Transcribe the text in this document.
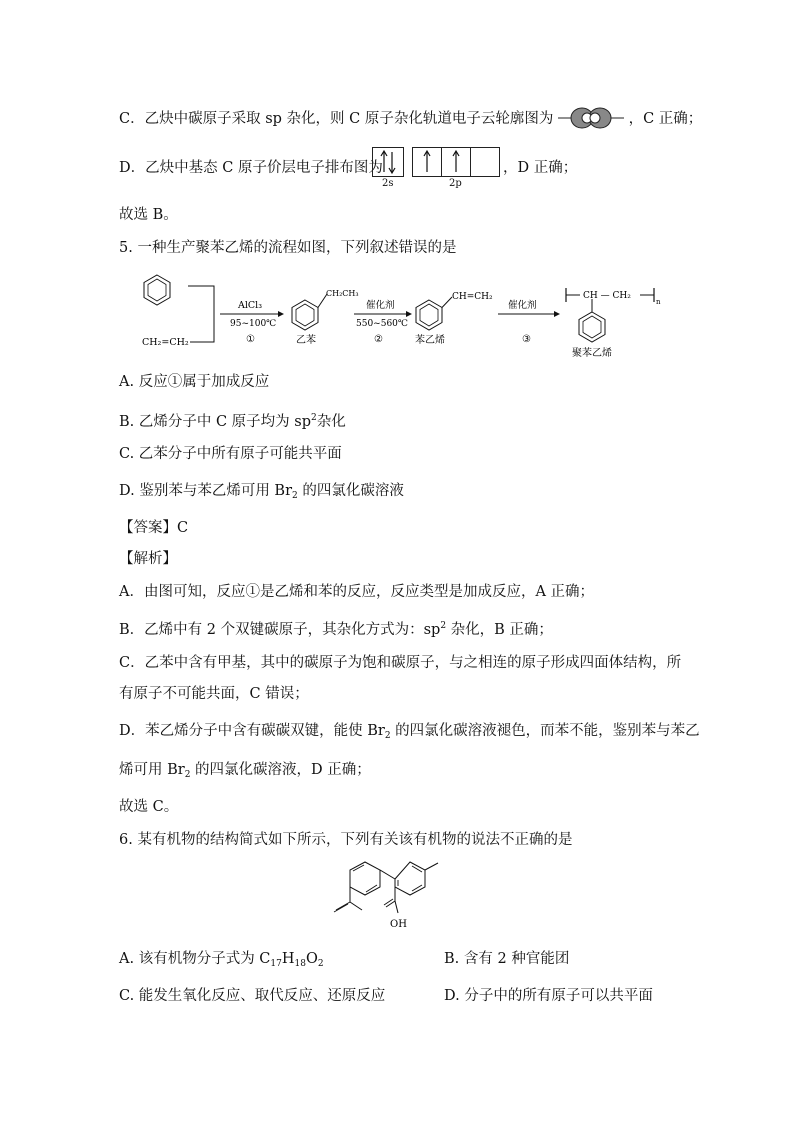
C．乙炔中碳原子采取 sp 杂化，则 C 原子杂化轨道电子云轮廓图为	，C 正确；
D．乙炔中基态 C 原子价层电子排布图为
2s	2p
，D 正确；
故选 B。
5. 一种生产聚苯乙烯的流程如图，下列叙述错误的是
CH₂=CH₂
AlCl₃
95~100℃
①
CH₂CH₃
乙苯
催化剂
550~560℃
②
CH=CH₂
苯乙烯
催化剂
③
CH — CH₂
n
聚苯乙烯
A. 反应①属于加成反应
B. 乙烯分子中 C 原子均为 $sp^2$杂化
C. 乙苯分子中所有原子可能共平面
D. 鉴别苯与苯乙烯可用 $Br_2$ 的四氯化碳溶液
【答案】C
【解析】
A．由图可知，反应①是乙烯和苯的反应，反应类型是加成反应，A 正确；
B．乙烯中有 2 个双键碳原子，其杂化方式为：$sp^2$ 杂化，B 正确；
C．乙苯中含有甲基，其中的碳原子为饱和碳原子，与之相连的原子形成四面体结构，所
有原子不可能共面，C 错误；
D．苯乙烯分子中含有碳碳双键，能使 $Br_2$ 的四氯化碳溶液褪色，而苯不能，鉴别苯与苯乙
烯可用 $Br_2$ 的四氯化碳溶液，D 正确；
故选 C。
6. 某有机物的结构简式如下所示，下列有关该有机物的说法不正确的是
OH
A. 该有机物分子式为 $C_{17}H_{18}O_2$	B. 含有 2 种官能团
C. 能发生氧化反应、取代反应、还原反应	D. 分子中的所有原子可以共平面
